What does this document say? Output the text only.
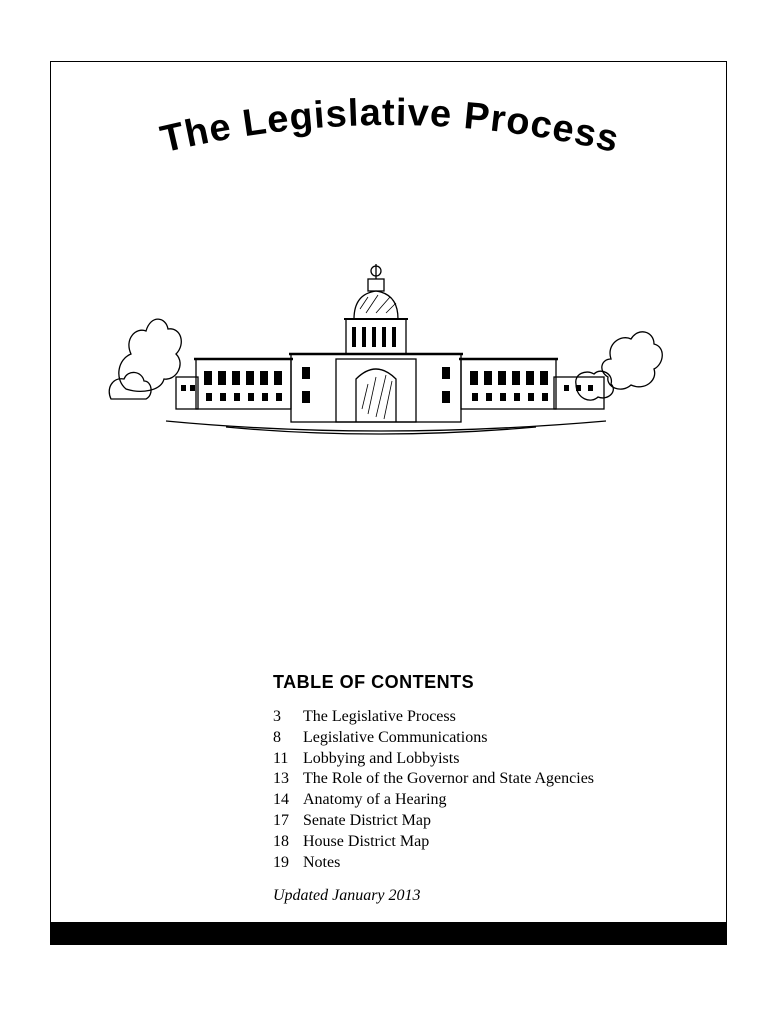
The Legislative Process
TABLE OF CONTENTS
3	The Legislative Process
8	Legislative Communications
11 Lobbying and Lobbyists
13 The Role of the Governor and State Agencies
14 Anatomy of a Hearing
17 Senate District Map
18 House District Map
19 Notes
Updated January 2013
